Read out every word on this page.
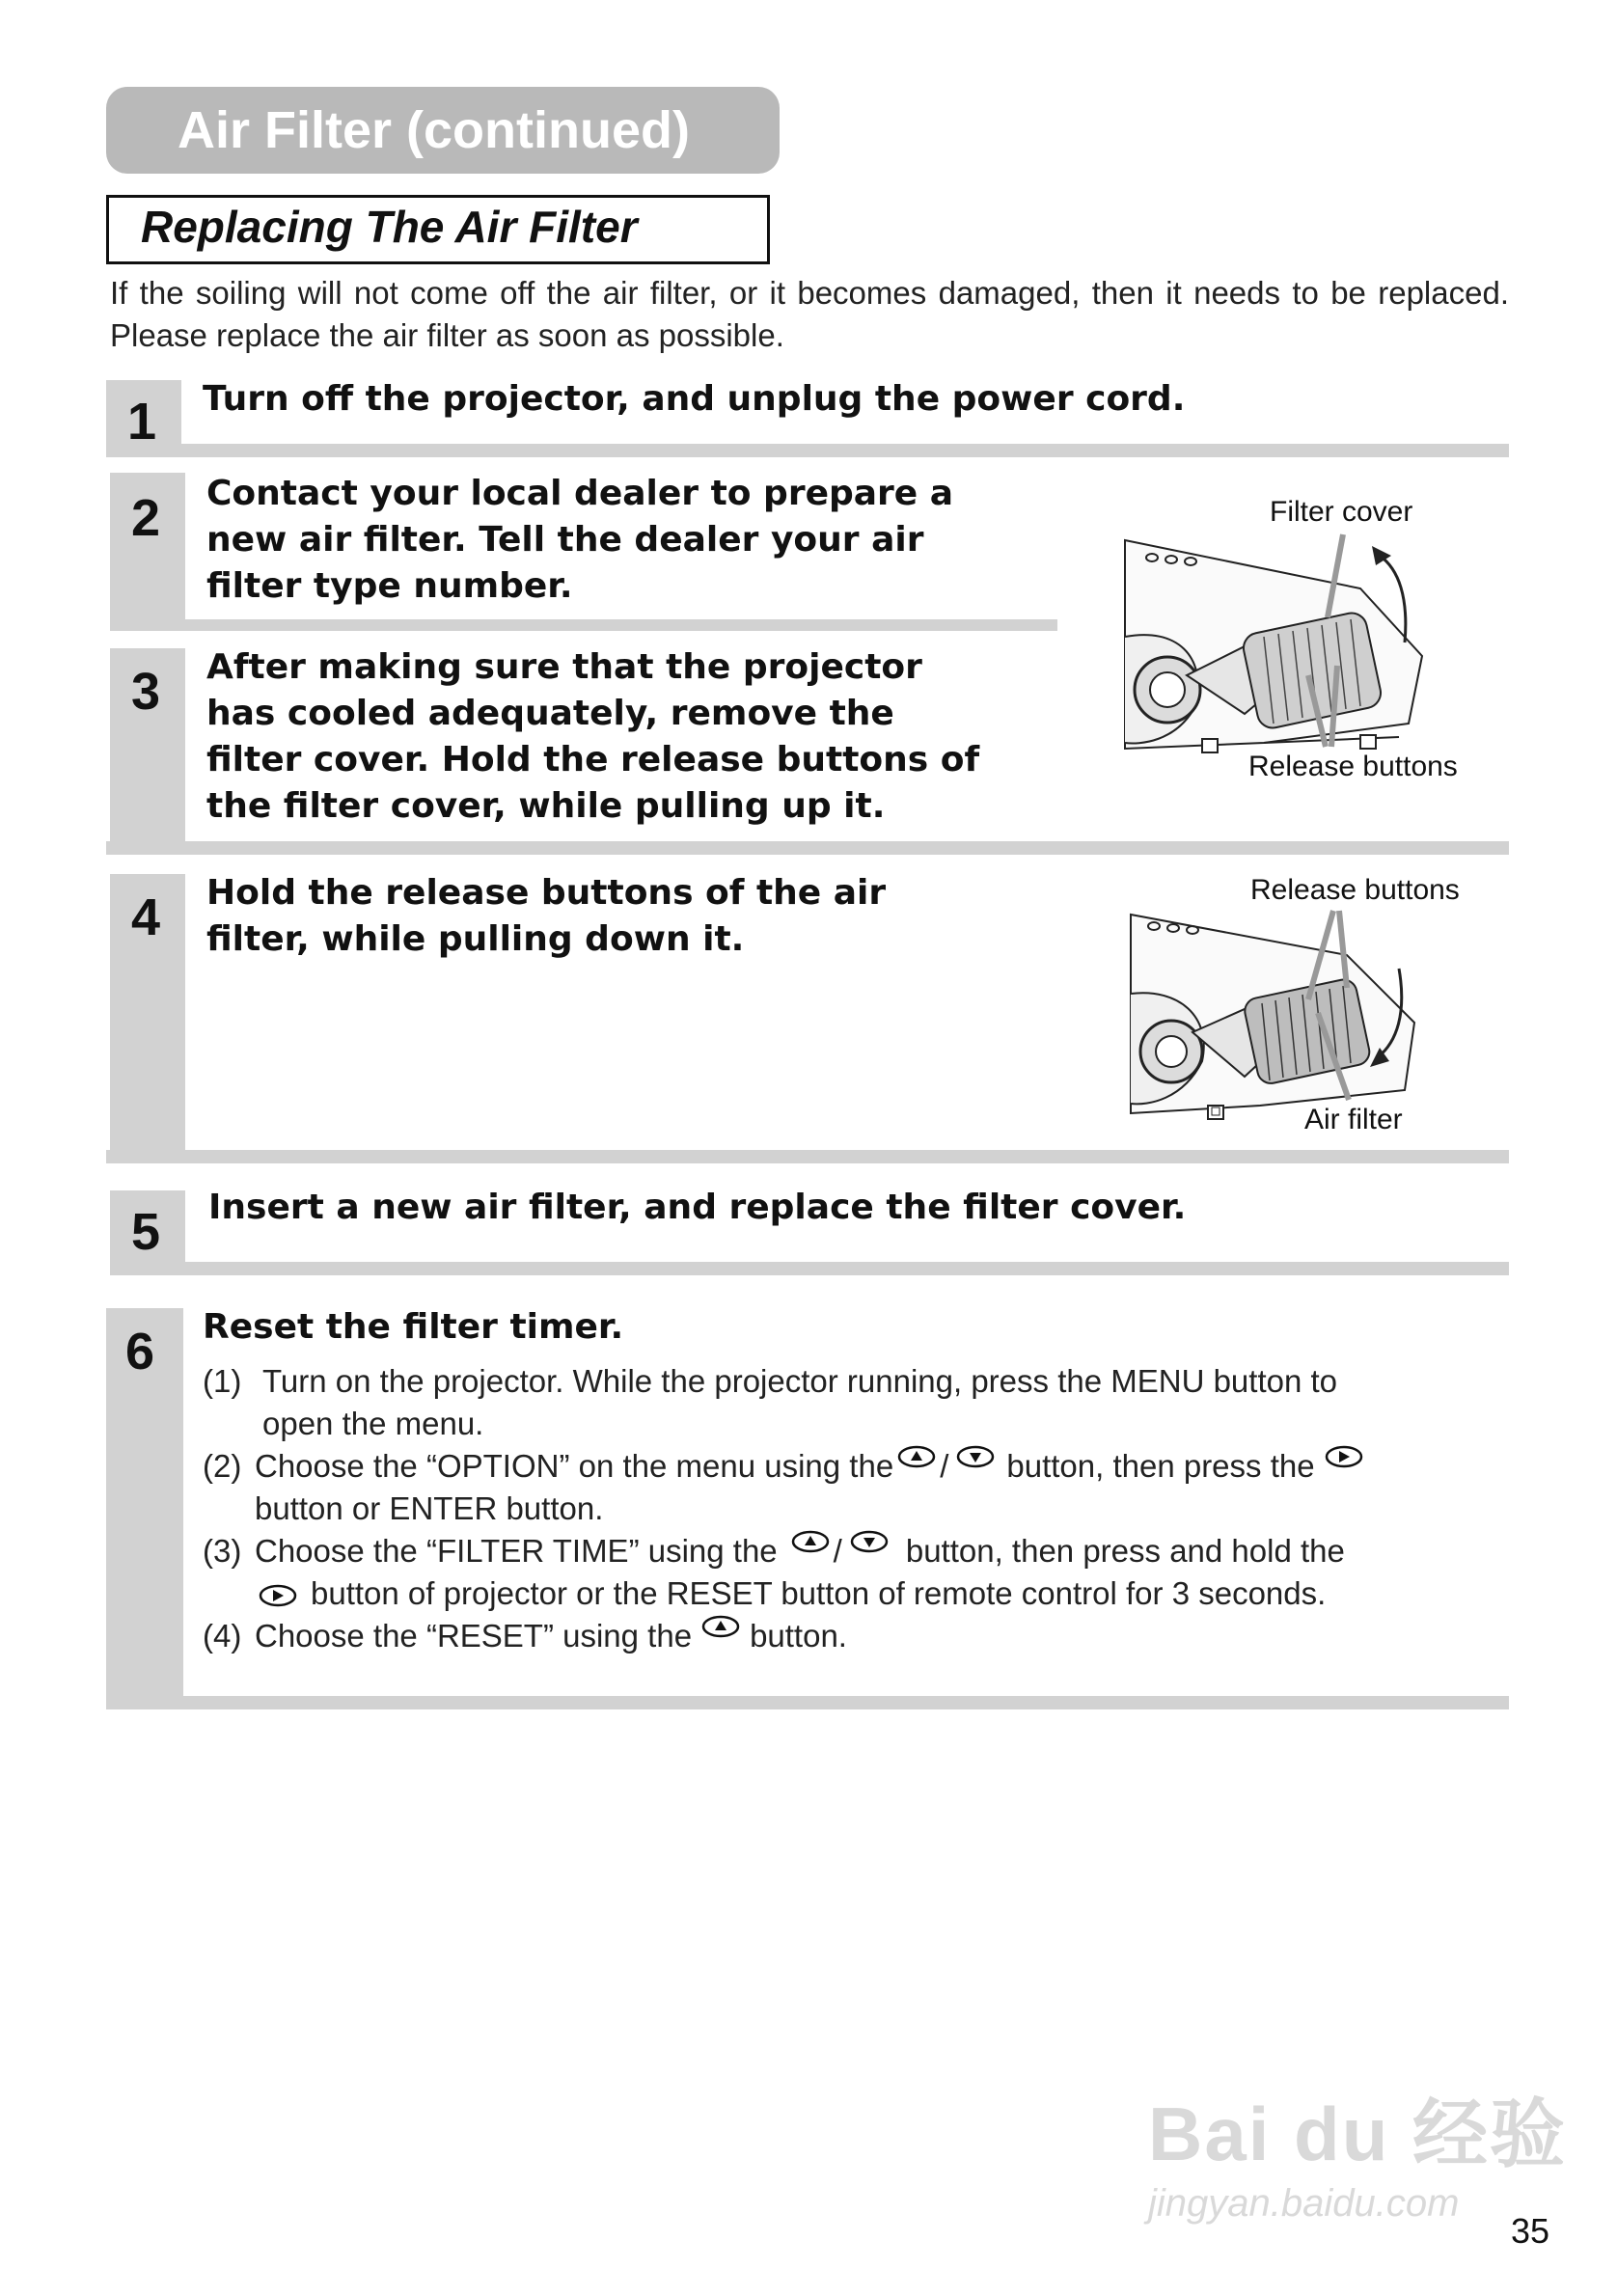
Air Filter (continued)
Replacing The Air Filter
If the soiling will not come off the air filter, or it becomes damaged, then it needs to be replaced. Please replace the air filter as soon as possible.
1 Turn off the projector, and unplug the power cord.
2 Contact your local dealer to prepare a
new air filter. Tell the dealer your air
filter type number.
3 After making sure that the projector
has cooled adequately, remove the
filter cover. Hold the release buttons of
the filter cover, while pulling up it.
Filter cover
Release buttons
4 Hold the release buttons of the air
filter, while pulling down it.
Release buttons
Air filter
5 Insert a new air filter, and replace the filter cover.
6 Reset the filter timer.
(1) Turn on the projector. While the projector running, press the MENU button to
open the menu.
(2) Choose the “OPTION” on the menu using the / button, then press the
button or ENTER button.
(3) Choose the “FILTER TIME” using the / button, then press and hold the
button of projector or the RESET button of remote control for 3 seconds.
(4) Choose the “RESET” using the button.
Bai du 经验
jingyan.baidu.com
35
